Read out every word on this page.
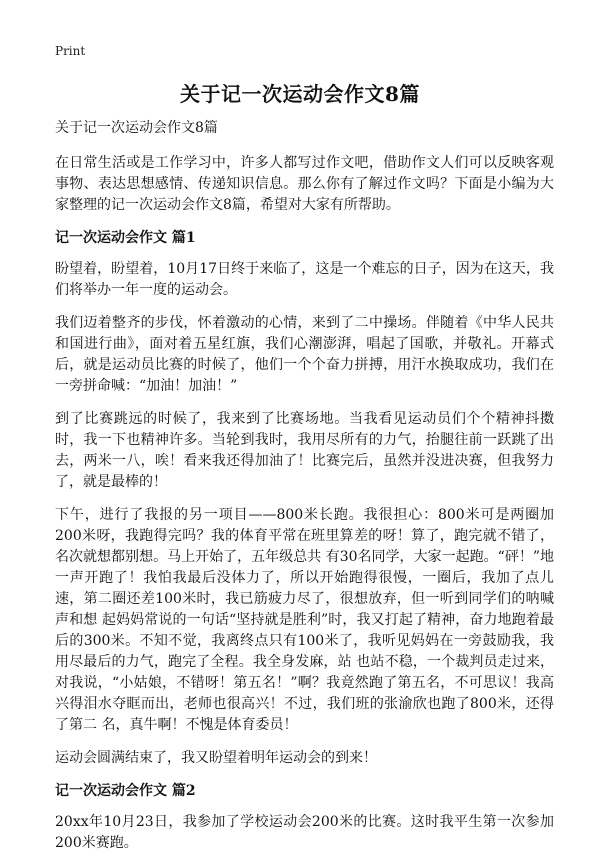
Print
关于记一次运动会作文8篇
关于记一次运动会作文8篇

在日常生活或是工作学习中，许多人都写过作文吧，借助作文人们可以反映客观事物、表达思想感情、传递知识信息。那么你有了解过作文吗？下面是小编为大家整理的记一次运动会作文8篇，希望对大家有所帮助。

记一次运动会作文 篇1

盼望着，盼望着，10月17日终于来临了，这是一个难忘的日子，因为在这天，我们将举办一年一度的运动会。

我们迈着整齐的步伐，怀着激动的心情，来到了二中操场。伴随着《中华人民共和国进行曲》，面对着五星红旗，我们心潮澎湃，唱起了国歌，并敬礼。开幕式后，就是运动员比赛的时候了，他们一个个奋力拼搏，用汗水换取成功，我们在一旁拼命喊：“加油！加油！”

到了比赛跳远的时候了，我来到了比赛场地。当我看见运动员们个个精神抖擞时，我一下也精神许多。当轮到我时，我用尽所有的力气，抬腿往前一跃跳了出去，两米一八，唉！看来我还得加油了！比赛完后，虽然并没进决赛，但我努力了，就是最棒的！

下午，进行了我报的另一项目——800米长跑。我很担心：800米可是两圈加200米呀，我跑得完吗？我的体育平常在班里算差的呀！算了，跑完就不错了，名次就想都别想。马上开始了，五年级总共 有30名同学，大家一起跑。“砰！”地一声开跑了！我怕我最后没体力了，所以开始跑得很慢，一圈后，我加了点儿速，第二圈还差100米时，我已筋疲力尽了，很想放弃，但一听到同学们的呐喊声和想 起妈妈常说的一句话“坚持就是胜利”时，我又打起了精神，奋力地跑着最后的300米。不知不觉，我离终点只有100米了，我听见妈妈在一旁鼓励我，我用尽最后的力气，跑完了全程。我全身发麻，站 也站不稳，一个裁判员走过来，对我说，“小姑娘，不错呀！第五名！”啊？我竟然跑了第五名，不可思议！我高兴得泪水夺眶而出，老师也很高兴！不过，我们班的张渝欣也跑了800米，还得了第二 名，真牛啊！不愧是体育委员！

运动会圆满结束了，我又盼望着明年运动会的到来！

记一次运动会作文 篇2

20xx年10月23日，我参加了学校运动会200米的比赛。这时我平生第一次参加200米赛跑。
